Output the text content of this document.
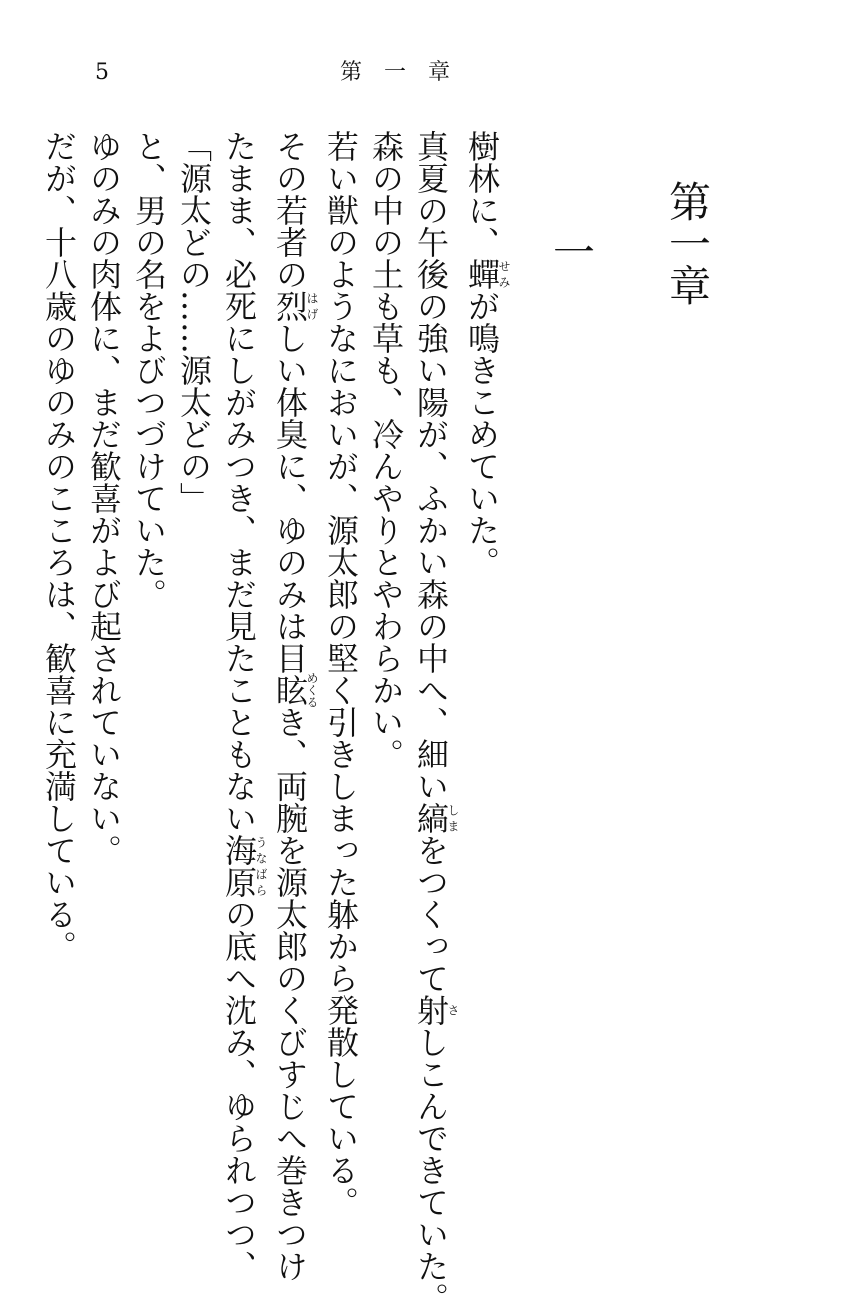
5	第　一　章
第一章
一

樹林に、蟬せみが鳴きこめていた。

真夏の午後の強い陽が、ふかい森の中へ、細い縞しまをつくって射さしこんできていた。

森の中の土も草も、冷んやりとやわらかい。

若い獣のようなにおいが、源太郎の堅く引きしまった躰から発散している。

その若者の烈はげしい体臭に、ゆのみは目眩めくるき、両腕を源太郎のくびすじへ巻きつけ

たまま、必死にしがみつき、まだ見たこともない海原うなばらの底へ沈み、ゆられつつ、

「源太どの……源太どの」

と、男の名をよびつづけていた。

ゆのみの肉体に、まだ歓喜がよび起されていない。

だが、十八歳のゆのみのこころは、歓喜に充満している。
